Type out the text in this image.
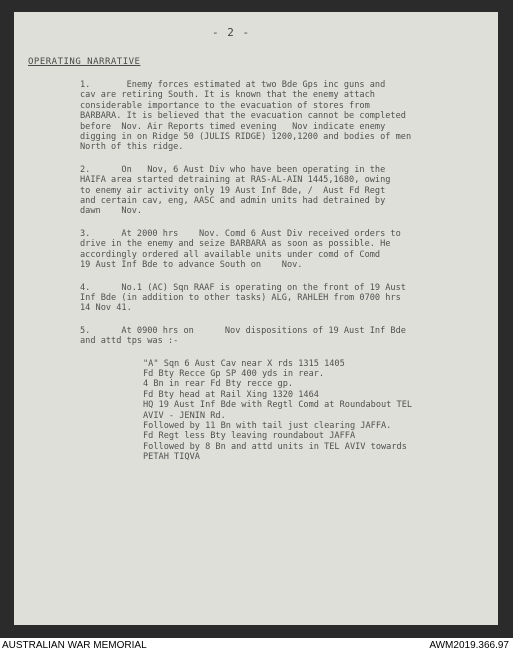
- 2 -
OPERATING NARRATIVE
1.       Enemy forces estimated at two Bde Gps inc guns and
cav are retiring South. It is known that the enemy attach
considerable importance to the evacuation of stores from
BARBARA. It is believed that the evacuation cannot be completed
before  Nov. Air Reports timed evening   Nov indicate enemy
digging in on Ridge 50 (JULIS RIDGE) 1200,1200 and bodies of men
North of this ridge.
2.      On   Nov, 6 Aust Div who have been operating in the
HAIFA area started detraining at RAS-AL-AIN 1445,1680, owing
to enemy air activity only 19 Aust Inf Bde, /  Aust Fd Regt
and certain cav, eng, AASC and admin units had detrained by
dawn    Nov.
3.      At 2000 hrs    Nov. Comd 6 Aust Div received orders to
drive in the enemy and seize BARBARA as soon as possible. He
accordingly ordered all available units under comd of Comd
19 Aust Inf Bde to advance South on    Nov.
4.      No.1 (AC) Sqn RAAF is operating on the front of 19 Aust
Inf Bde (in addition to other tasks) ALG, RAHLEH from 0700 hrs
14 Nov 41.
5.      At 0900 hrs on      Nov dispositions of 19 Aust Inf Bde
and attd tps was :-
"A" Sqn 6 Aust Cav near X rds 1315 1405
Fd Bty Recce Gp SP 400 yds in rear.
4 Bn in rear Fd Bty recce gp.
Fd Bty head at Rail Xing 1320 1464
HQ 19 Aust Inf Bde with Regtl Comd at Roundabout TEL
AVIV - JENIN Rd.
Followed by 11 Bn with tail just clearing JAFFA.
Fd Regt less Bty leaving roundabout JAFFA
Followed by 8 Bn and attd units in TEL AVIV towards
PETAH TIQVA
AUSTRALIAN WAR MEMORIAL	AWM2019.366.97
